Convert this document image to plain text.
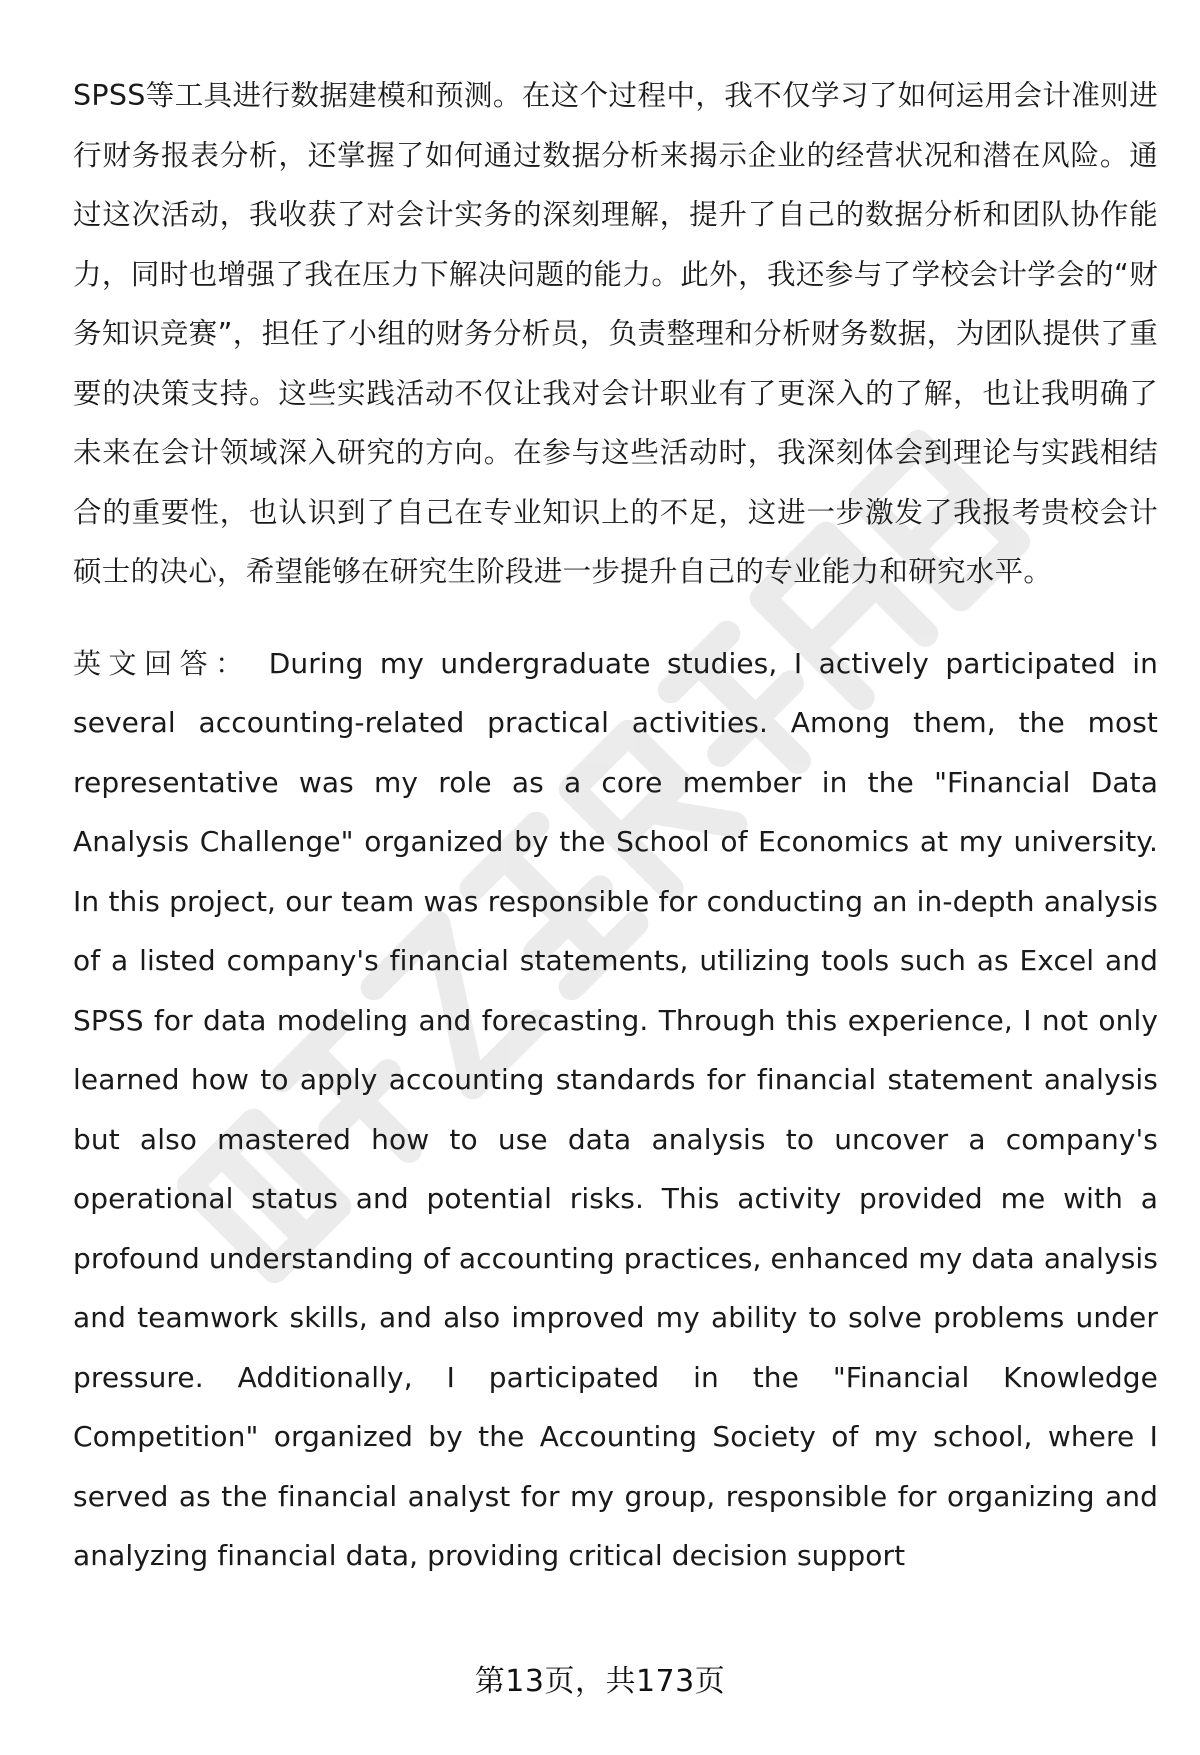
SPSS等工具进行数据建模和预测。在这个过程中，我不仅学习了如何运用会计准则进行财务报表分析，还掌握了如何通过数据分析来揭示企业的经营状况和潜在风险。通过这次活动，我收获了对会计实务的深刻理解，提升了自己的数据分析和团队协作能力，同时也增强了我在压力下解决问题的能力。此外，我还参与了学校会计学会的“财务知识竞赛”，担任了小组的财务分析员，负责整理和分析财务数据，为团队提供了重要的决策支持。这些实践活动不仅让我对会计职业有了更深入的了解，也让我明确了未来在会计领域深入研究的方向。在参与这些活动时，我深刻体会到理论与实践相结合的重要性，也认识到了自己在专业知识上的不足，这进一步激发了我报考贵校会计硕士的决心，希望能够在研究生阶段进一步提升自己的专业能力和研究水平。

英文回答： During my undergraduate studies, I actively participated in several accounting-related practical activities. Among them, the most representative was my role as a core member in the "Financial Data Analysis Challenge" organized by the School of Economics at my university. In this project, our team was responsible for conducting an in-depth analysis of a listed company's financial statements, utilizing tools such as Excel and SPSS for data modeling and forecasting. Through this experience, I not only learned how to apply accounting standards for financial statement analysis but also mastered how to use data analysis to uncover a company's operational status and potential risks. This activity provided me with a profound understanding of accounting practices, enhanced my data analysis and teamwork skills, and also improved my ability to solve problems under pressure. Additionally, I participated in the "Financial Knowledge Competition" organized by the Accounting Society of my school, where I served as the financial analyst for my group, responsible for organizing and analyzing financial data, providing critical decision support

第13页，共173页
